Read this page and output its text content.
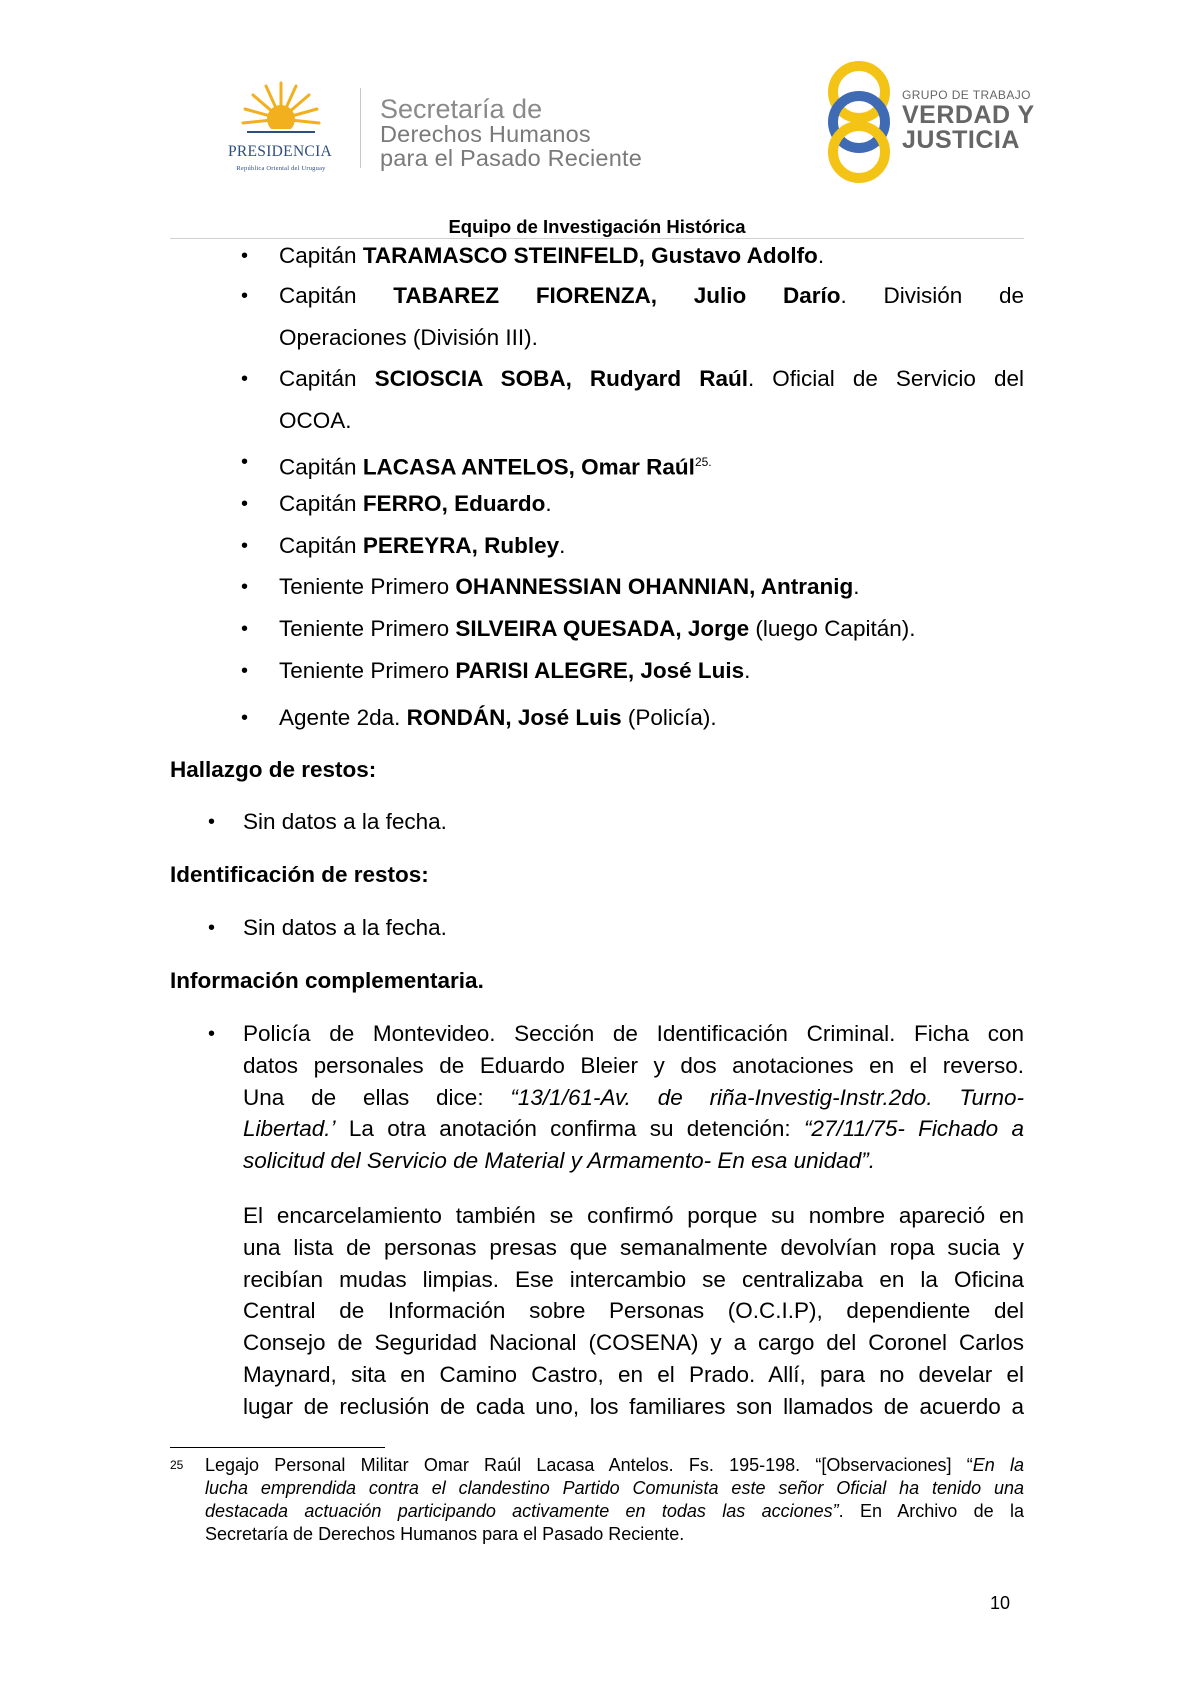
PRESIDENCIA
República Oriental del Uruguay
Secretaría de
Derechos Humanos
para el Pasado Reciente
GRUPO DE TRABAJO
VERDAD Y
JUSTICIA
Equipo de Investigación Histórica
• Capitán TARAMASCO STEINFELD, Gustavo Adolfo.
• Capitán TABAREZ FIORENZA, Julio Darío. División de
Operaciones (División III).
• Capitán SCIOSCIA SOBA, Rudyard Raúl. Oficial de Servicio del
OCOA.
• Capitán LACASA ANTELOS, Omar Raúl$^{25.}$
• Capitán FERRO, Eduardo.
• Capitán PEREYRA, Rubley.
• Teniente Primero OHANNESSIAN OHANNIAN, Antranig.
• Teniente Primero SILVEIRA QUESADA, Jorge (luego Capitán).
• Teniente Primero PARISI ALEGRE, José Luis.
• Agente 2da. RONDÁN, José Luis (Policía).
Hallazgo de restos:
• Sin datos a la fecha.
Identificación de restos:
• Sin datos a la fecha.
Información complementaria.
• Policía de Montevideo. Sección de Identificación Criminal. Ficha con
datos personales de Eduardo Bleier y dos anotaciones en el reverso.
Una de ellas dice: “13/1/61-Av. de riña-Investig-Instr.2do. Turno-
Libertad.’ La otra anotación confirma su detención: “27/11/75- Fichado a
solicitud del Servicio de Material y Armamento- En esa unidad”.
El encarcelamiento también se confirmó porque su nombre apareció en
una lista de personas presas que semanalmente devolvían ropa sucia y
recibían mudas limpias. Ese intercambio se centralizaba en la Oficina
Central de Información sobre Personas (O.C.I.P), dependiente del
Consejo de Seguridad Nacional (COSENA) y a cargo del Coronel Carlos
Maynard, sita en Camino Castro, en el Prado. Allí, para no develar el
lugar de reclusión de cada uno, los familiares son llamados de acuerdo a
25 Legajo Personal Militar Omar Raúl Lacasa Antelos. Fs. 195-198. “[Observaciones] “En la
lucha emprendida contra el clandestino Partido Comunista este señor Oficial ha tenido una
destacada actuación participando activamente en todas las acciones”. En Archivo de la
Secretaría de Derechos Humanos para el Pasado Reciente.
10
